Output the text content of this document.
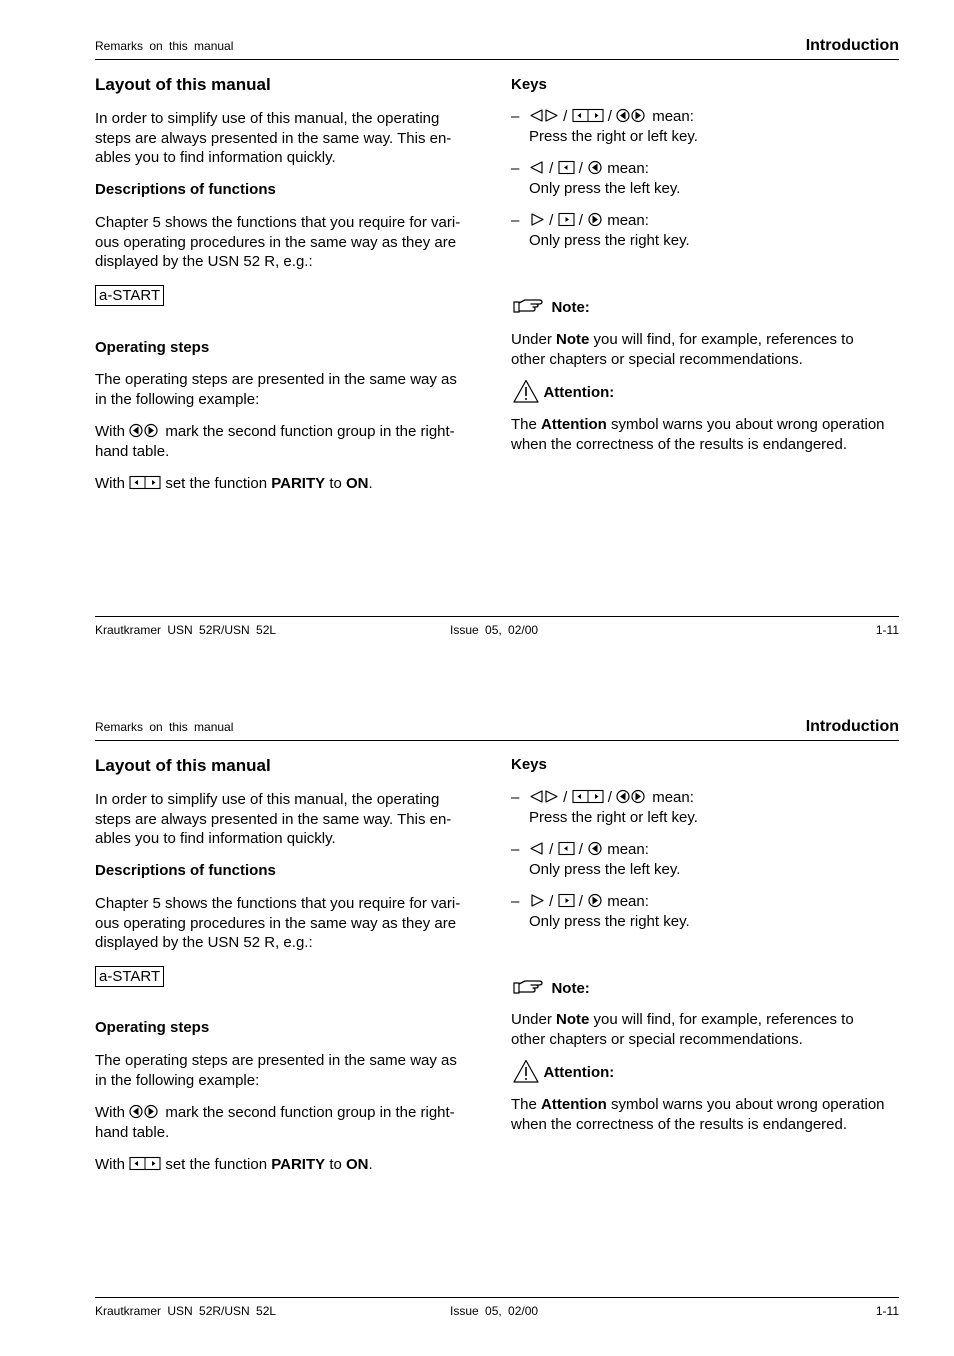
Remarks on this manual	Introduction
Layout of this manual
In order to simplify use of this manual, the operating
steps are always presented in the same way. This en-
ables you to find information quickly.
Descriptions of functions
Chapter 5 shows the functions that you require for vari-
ous operating procedures in the same way as they are
displayed by the USN 52 R, e.g.:
a-START
Operating steps
The operating steps are presented in the same way as
in the following example:
With	mark the second function group in the right-
hand table.
With	set the function PARITY to ON.
Keys
–	/	/	mean:
Press the right or left key.
–	/ / mean:
Only press the left key.
–	/ / mean:
Only press the right key.
Note:
Under Note you will find, for example, references to
other chapters or special recommendations.
Attention:
The Attention symbol warns you about wrong operation
when the correctness of the results is endangered.
Krautkramer USN 52R/USN 52L	Issue 05, 02/00	1-11
Remarks on this manual	Introduction
Layout of this manual
In order to simplify use of this manual, the operating
steps are always presented in the same way. This en-
ables you to find information quickly.
Descriptions of functions
Chapter 5 shows the functions that you require for vari-
ous operating procedures in the same way as they are
displayed by the USN 52 R, e.g.:
a-START
Operating steps
The operating steps are presented in the same way as
in the following example:
With	mark the second function group in the right-
hand table.
With	set the function PARITY to ON.
Keys
–	/	/	mean:
Press the right or left key.
–	/ / mean:
Only press the left key.
–	/ / mean:
Only press the right key.
Note:
Under Note you will find, for example, references to
other chapters or special recommendations.
Attention:
The Attention symbol warns you about wrong operation
when the correctness of the results is endangered.
Krautkramer USN 52R/USN 52L	Issue 05, 02/00	1-11
